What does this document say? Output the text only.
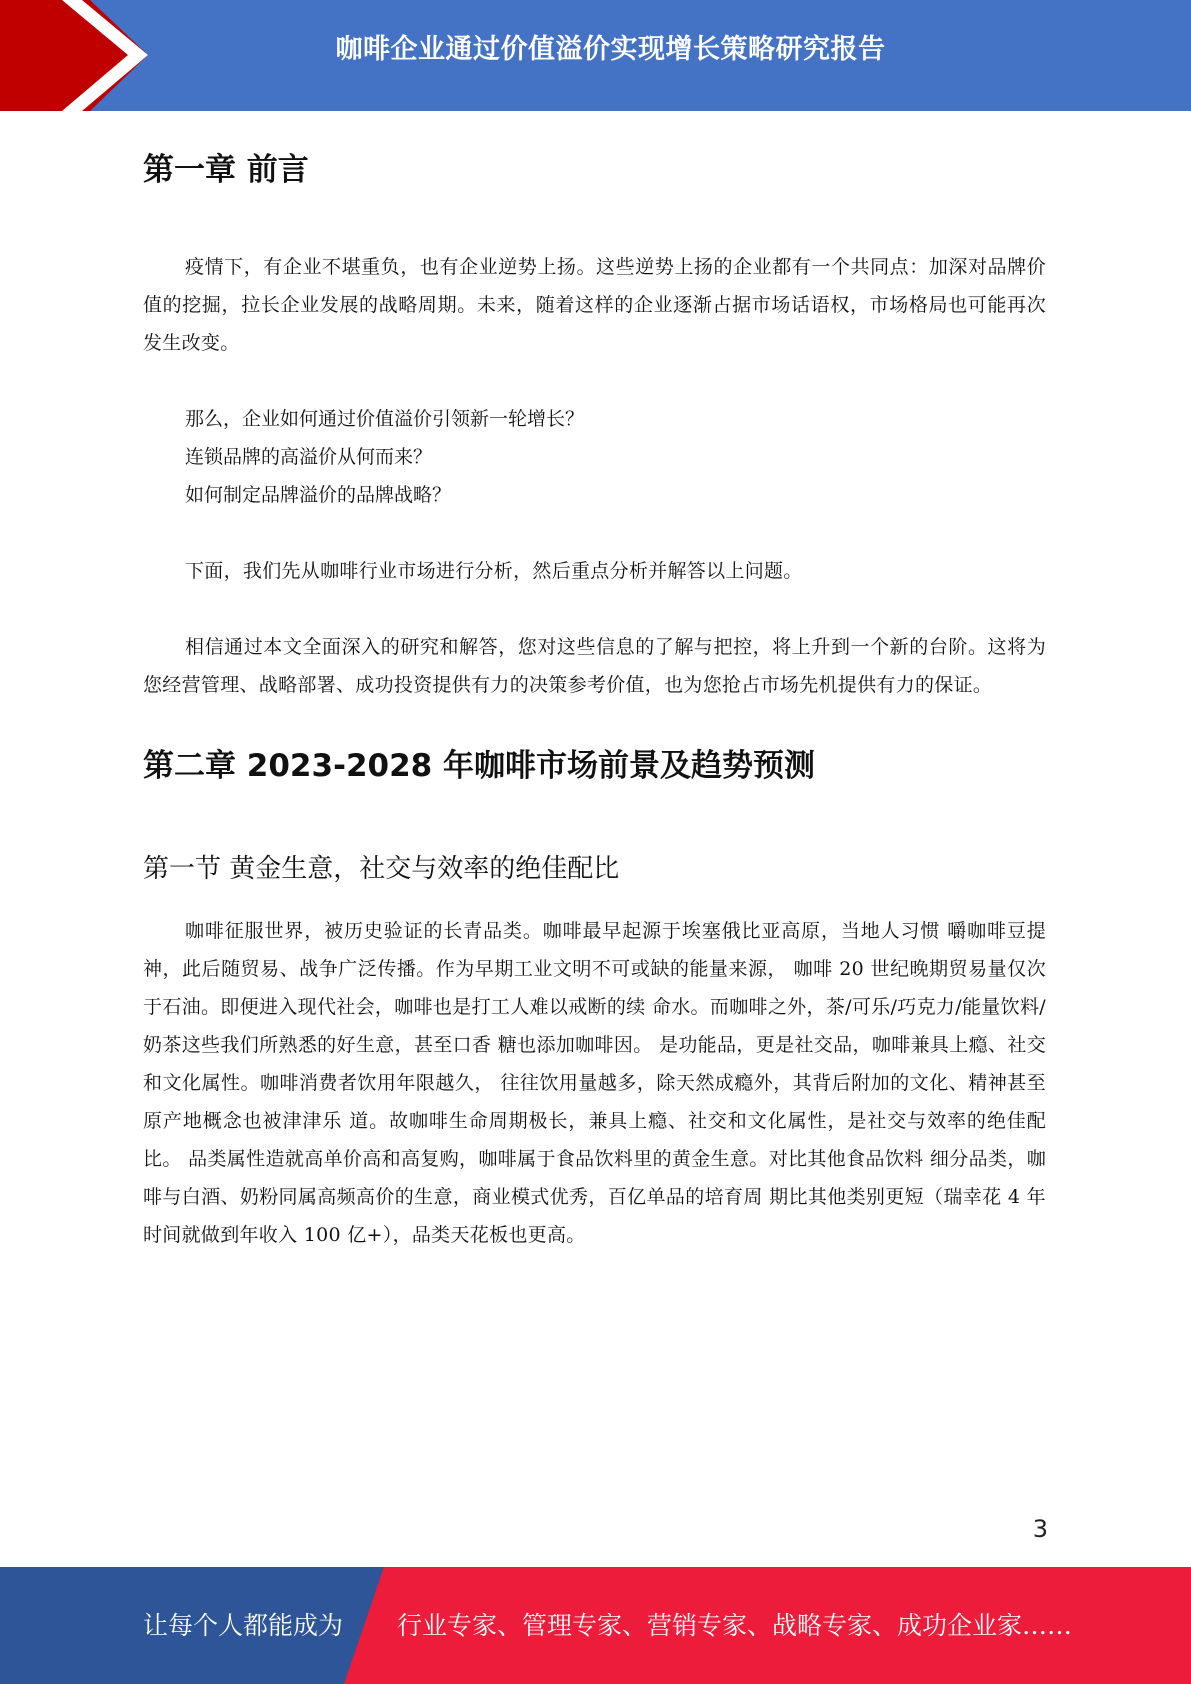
咖啡企业通过价值溢价实现增长策略研究报告
第一章 前言

疫情下，有企业不堪重负，也有企业逆势上扬。这些逆势上扬的企业都有一个共同点：加深对品牌价值的挖掘，拉长企业发展的战略周期。未来，随着这样的企业逐渐占据市场话语权，市场格局也可能再次发生改变。

那么，企业如何通过价值溢价引领新一轮增长？
连锁品牌的高溢价从何而来？
如何制定品牌溢价的品牌战略？

下面，我们先从咖啡行业市场进行分析，然后重点分析并解答以上问题。

相信通过本文全面深入的研究和解答，您对这些信息的了解与把控，将上升到一个新的台阶。这将为您经营管理、战略部署、成功投资提供有力的决策参考价值，也为您抢占市场先机提供有力的保证。

第二章 2023-2028 年咖啡市场前景及趋势预测
第一节 黄金生意，社交与效率的绝佳配比

咖啡征服世界，被历史验证的长青品类。咖啡最早起源于埃塞俄比亚高原，当地人习惯 嚼咖啡豆提神，此后随贸易、战争广泛传播。作为早期工业文明不可或缺的能量来源， 咖啡 20 世纪晚期贸易量仅次于石油。即便进入现代社会，咖啡也是打工人难以戒断的续 命水。而咖啡之外，茶/可乐/巧克力/能量饮料/奶茶这些我们所熟悉的好生意，甚至口香 糖也添加咖啡因。 是功能品，更是社交品，咖啡兼具上瘾、社交和文化属性。咖啡消费者饮用年限越久， 往往饮用量越多，除天然成瘾外，其背后附加的文化、精神甚至原产地概念也被津津乐 道。故咖啡生命周期极长，兼具上瘾、社交和文化属性，是社交与效率的绝佳配比。 品类属性造就高单价高和高复购，咖啡属于食品饮料里的黄金生意。对比其他食品饮料 细分品类，咖啡与白酒、奶粉同属高频高价的生意，商业模式优秀，百亿单品的培育周 期比其他类别更短（瑞幸花 4 年时间就做到年收入 100 亿+），品类天花板也更高。

3
让每个人都能成为 行业专家、管理专家、营销专家、战略专家、成功企业家……
